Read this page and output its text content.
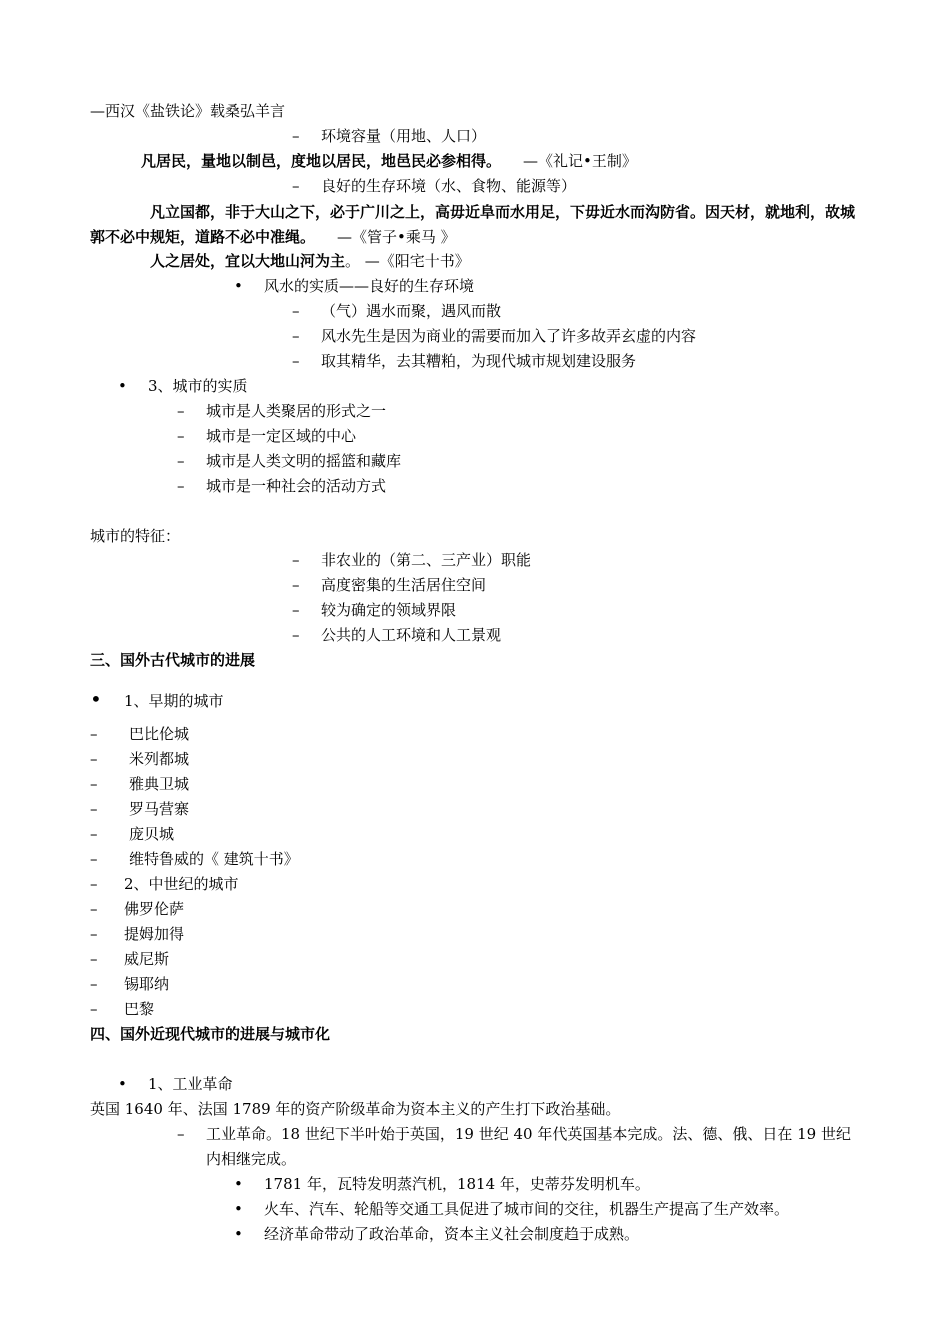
—西汉《盐铁论》载桑弘羊言
– 环境容量（用地、人口）
凡居民，量地以制邑，度地以居民，地邑民必参相得。 —《礼记•王制》
– 良好的生存环境（水、食物、能源等）
凡立国都，非于大山之下，必于广川之上，高毋近阜而水用足，下毋近水而沟防省。因天材，就地利，故城郭不必中规矩，道路不必中准绳。 —《管子•乘马 》
人之居处，宜以大地山河为主。 —《阳宅十书》
• 风水的实质——良好的生存环境
– （气）遇水而聚，遇风而散
– 风水先生是因为商业的需要而加入了许多故弄玄虚的内容
– 取其精华，去其糟粕，为现代城市规划建设服务
• 3、城市的实质
– 城市是人类聚居的形式之一
– 城市是一定区域的中心
– 城市是人类文明的摇篮和藏库
– 城市是一种社会的活动方式
城市的特征：
– 非农业的（第二、三产业）职能
– 高度密集的生活居住空间
– 较为确定的领域界限
– 公共的人工环境和人工景观
三、国外古代城市的进展
• 1、早期的城市
– 巴比伦城
– 米列都城
– 雅典卫城
– 罗马营寨
– 庞贝城
– 维特鲁威的《 建筑十书》
– 2、中世纪的城市
– 佛罗伦萨
– 提姆加得
– 威尼斯
– 锡耶纳
– 巴黎
四、国外近现代城市的进展与城市化
• 1、工业革命
英国 1640 年、法国 1789 年的资产阶级革命为资本主义的产生打下政治基础。
– 工业革命。18 世纪下半叶始于英国，19 世纪 40 年代英国基本完成。法、德、俄、日在 19 世纪内相继完成。
• 1781 年，瓦特发明蒸汽机，1814 年，史蒂芬发明机车。
• 火车、汽车、轮船等交通工具促进了城市间的交往，机器生产提高了生产效率。
• 经济革命带动了政治革命，资本主义社会制度趋于成熟。
